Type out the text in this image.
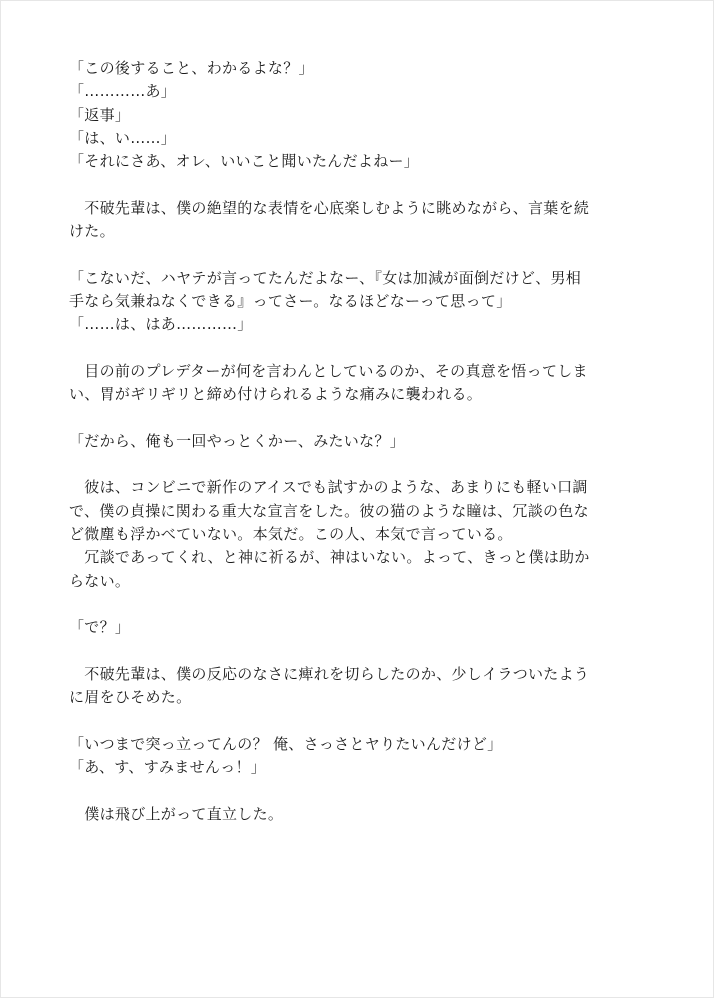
「この後すること、わかるよな？」
「…………あ」
「返事」
「は、い……」
「それにさあ、オレ、いいこと聞いたんだよねー」
　不破先輩は、僕の絶望的な表情を心底楽しむように眺めながら、言葉を続
けた。
「こないだ、ハヤテが言ってたんだよなー、『女は加減が面倒だけど、男相
手なら気兼ねなくできる』ってさー。なるほどなーって思って」
「……は、はあ…………」
　目の前のプレデターが何を言わんとしているのか、その真意を悟ってしま
い、胃がギリギリと締め付けられるような痛みに襲われる。
「だから、俺も一回やっとくかー、みたいな？」
　彼は、コンビニで新作のアイスでも試すかのような、あまりにも軽い口調
で、僕の貞操に関わる重大な宣言をした。彼の猫のような瞳は、冗談の色な
ど微塵も浮かべていない。本気だ。この人、本気で言っている。
　冗談であってくれ、と神に祈るが、神はいない。よって、きっと僕は助か
らない。
「で？」
　不破先輩は、僕の反応のなさに痺れを切らしたのか、少しイラついたよう
に眉をひそめた。
「いつまで突っ立ってんの？ 俺、さっさとヤりたいんだけど」
「あ、す、すみませんっ！」
　僕は飛び上がって直立した。
